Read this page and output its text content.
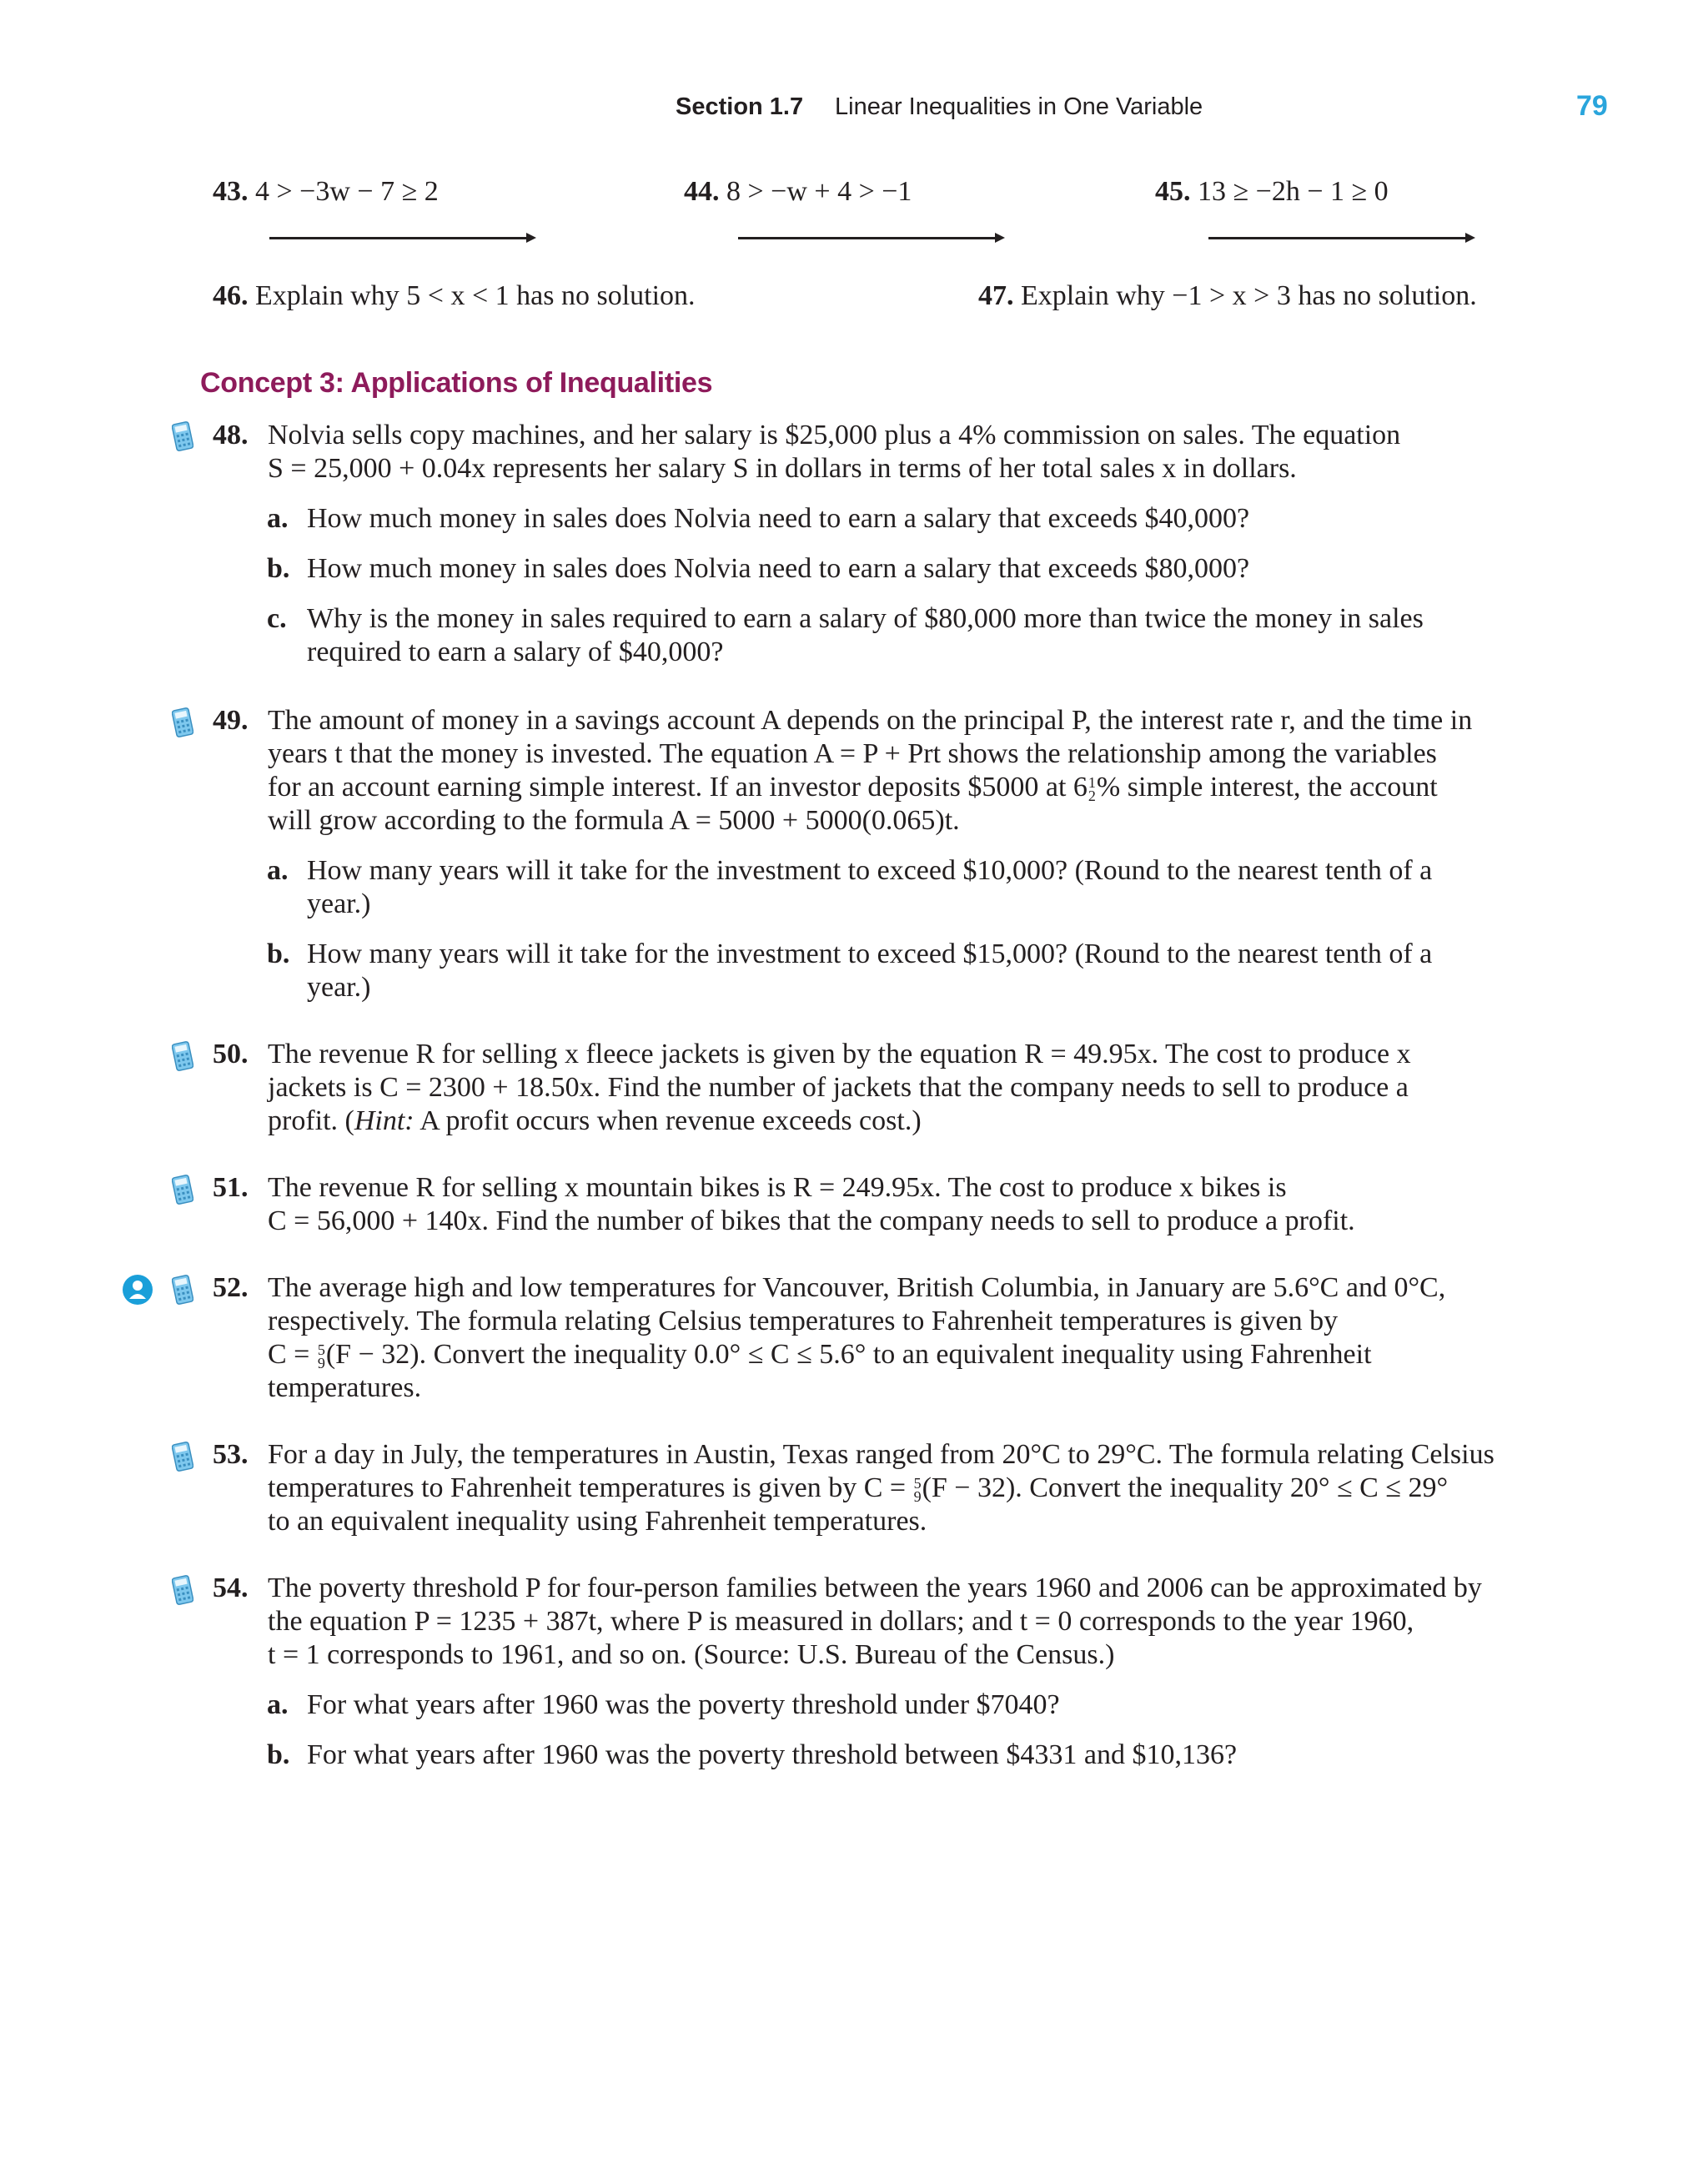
Section 1.7 Linear Inequalities in One Variable	79
43. 4 > −3w − 7 ≥ 2	44. 8 > −w + 4 > −1	45. 13 ≥ −2h − 1 ≥ 0
46. Explain why 5 < x < 1 has no solution.	47. Explain why −1 > x > 3 has no solution.
Concept 3: Applications of Inequalities

48. Nolvia sells copy machines, and her salary is $25,000 plus a 4% commission on sales. The equation

S = 25,000 + 0.04x represents her salary S in dollars in terms of her total sales x in dollars.

a. How much money in sales does Nolvia need to earn a salary that exceeds $40,000?
b. How much money in sales does Nolvia need to earn a salary that exceeds $80,000?
c. Why is the money in sales required to earn a salary of $80,000 more than twice the money in sales
required to earn a salary of $40,000?

49. The amount of money in a savings account A depends on the principal P, the interest rate r, and the time in

years t that the money is invested. The equation A = P + Prt shows the relationship among the variables

for an account earning simple interest. If an investor deposits $5000 at 6 1
2 % simple interest, the account

will grow according to the formula A = 5000 + 5000(0.065)t.

a. How many years will it take for the investment to exceed $10,000? (Round to the nearest tenth of a
year.)
b. How many years will it take for the investment to exceed $15,000? (Round to the nearest tenth of a
year.)

50. The revenue R for selling x fleece jackets is given by the equation R = 49.95x. The cost to produce x

jackets is C = 2300 + 18.50x. Find the number of jackets that the company needs to sell to produce a

profit. (Hint: A profit occurs when revenue exceeds cost.)

51. The revenue R for selling x mountain bikes is R = 249.95x. The cost to produce x bikes is

C = 56,000 + 140x. Find the number of bikes that the company needs to sell to produce a profit.

52. The average high and low temperatures for Vancouver, British Columbia, in January are 5.6°C and 0°C,

respectively. The formula relating Celsius temperatures to Fahrenheit temperatures is given by

C = 5
9 (F − 32). Convert the inequality 0.0° ≤ C ≤ 5.6° to an equivalent inequality using Fahrenheit

temperatures.

53. For a day in July, the temperatures in Austin, Texas ranged from 20°C to 29°C. The formula relating Celsius

temperatures to Fahrenheit temperatures is given by C = 5
9 (F − 32). Convert the inequality 20° ≤ C ≤ 29°

to an equivalent inequality using Fahrenheit temperatures.

54. The poverty threshold P for four-person families between the years 1960 and 2006 can be approximated by

the equation P = 1235 + 387t, where P is measured in dollars; and t = 0 corresponds to the year 1960,

t = 1 corresponds to 1961, and so on. (Source: U.S. Bureau of the Census.)

a. For what years after 1960 was the poverty threshold under $7040?
b. For what years after 1960 was the poverty threshold between $4331 and $10,136?
